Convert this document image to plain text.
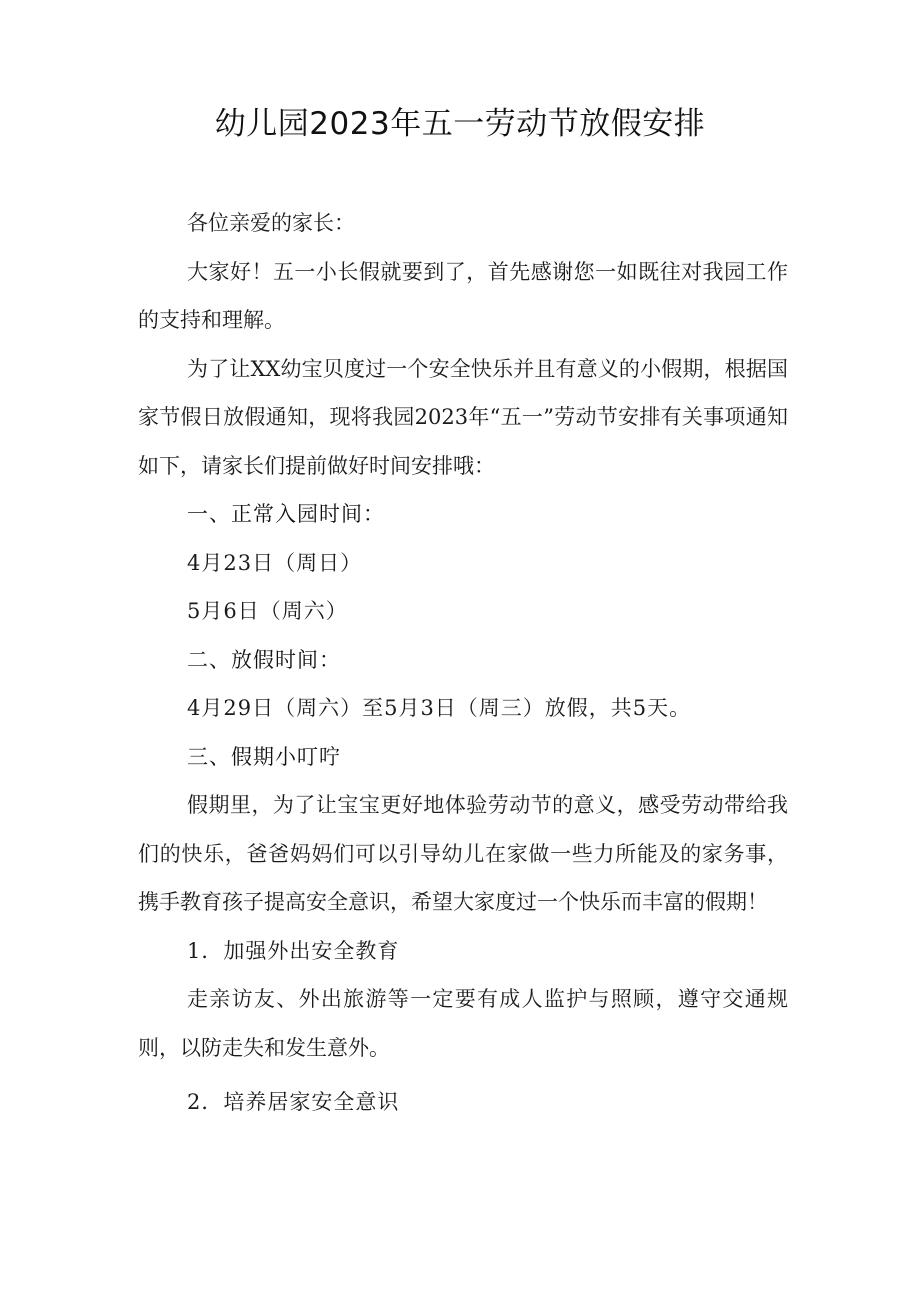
幼儿园2023年五一劳动节放假安排

各位亲爱的家长：

大家好！五一小长假就要到了，首先感谢您一如既往对我园工作的支持和理解。

为了让XX幼宝贝度过一个安全快乐并且有意义的小假期，根据国家节假日放假通知，现将我园2023年“五一”劳动节安排有关事项通知如下，请家长们提前做好时间安排哦：

一、正常入园时间：

4月23日（周日）

5月6日（周六）

二、放假时间：

4月29日（周六）至5月3日（周三）放假，共5天。

三、假期小叮咛

假期里，为了让宝宝更好地体验劳动节的意义，感受劳动带给我们的快乐，爸爸妈妈们可以引导幼儿在家做一些力所能及的家务事，携手教育孩子提高安全意识，希望大家度过一个快乐而丰富的假期！

1．加强外出安全教育

走亲访友、外出旅游等一定要有成人监护与照顾，遵守交通规则，以防走失和发生意外。

2．培养居家安全意识
